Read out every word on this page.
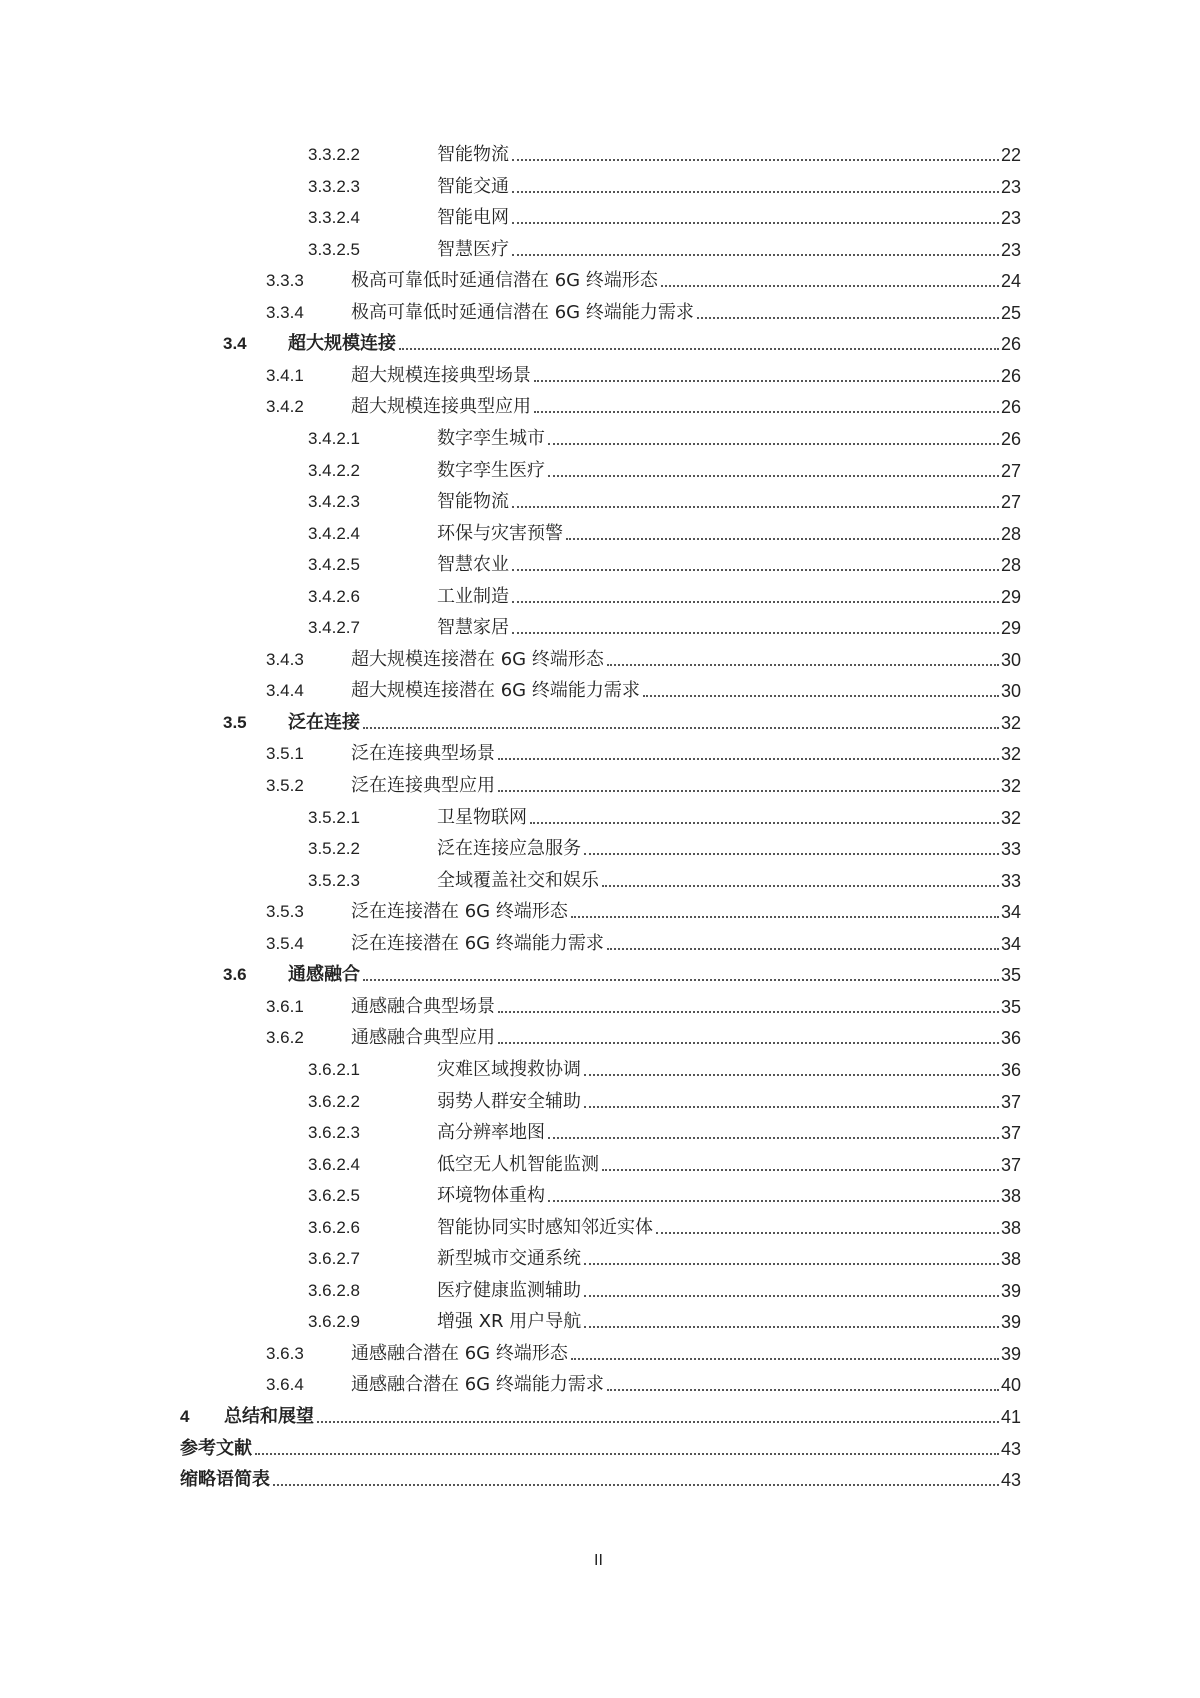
3.3.2.2	智能物流	22
3.3.2.3	智能交通	23
3.3.2.4	智能电网	23
3.3.2.5	智慧医疗	23
3.3.3	极高可靠低时延通信潜在 6G 终端形态	24
3.3.4	极高可靠低时延通信潜在 6G 终端能力需求	25
3.4 超大规模连接	26
3.4.1	超大规模连接典型场景	26
3.4.2	超大规模连接典型应用	26
3.4.2.1	数字孪生城市	26
3.4.2.2	数字孪生医疗	27
3.4.2.3	智能物流	27
3.4.2.4	环保与灾害预警	28
3.4.2.5	智慧农业	28
3.4.2.6	工业制造	29
3.4.2.7	智慧家居	29
3.4.3	超大规模连接潜在 6G 终端形态	30
3.4.4	超大规模连接潜在 6G 终端能力需求	30
3.5 泛在连接	32
3.5.1	泛在连接典型场景	32
3.5.2	泛在连接典型应用	32
3.5.2.1	卫星物联网	32
3.5.2.2	泛在连接应急服务	33
3.5.2.3	全域覆盖社交和娱乐	33
3.5.3	泛在连接潜在 6G 终端形态	34
3.5.4	泛在连接潜在 6G 终端能力需求	34
3.6 通感融合	35
3.6.1	通感融合典型场景	35
3.6.2	通感融合典型应用	36
3.6.2.1	灾难区域搜救协调	36
3.6.2.2	弱势人群安全辅助	37
3.6.2.3	高分辨率地图	37
3.6.2.4	低空无人机智能监测	37
3.6.2.5	环境物体重构	38
3.6.2.6	智能协同实时感知邻近实体	38
3.6.2.7	新型城市交通系统	38
3.6.2.8	医疗健康监测辅助	39
3.6.2.9	增强 XR 用户导航	39
3.6.3	通感融合潜在 6G 终端形态	39
3.6.4	通感融合潜在 6G 终端能力需求	40
4 总结和展望	41
参考文献	43
缩略语简表	43
II
